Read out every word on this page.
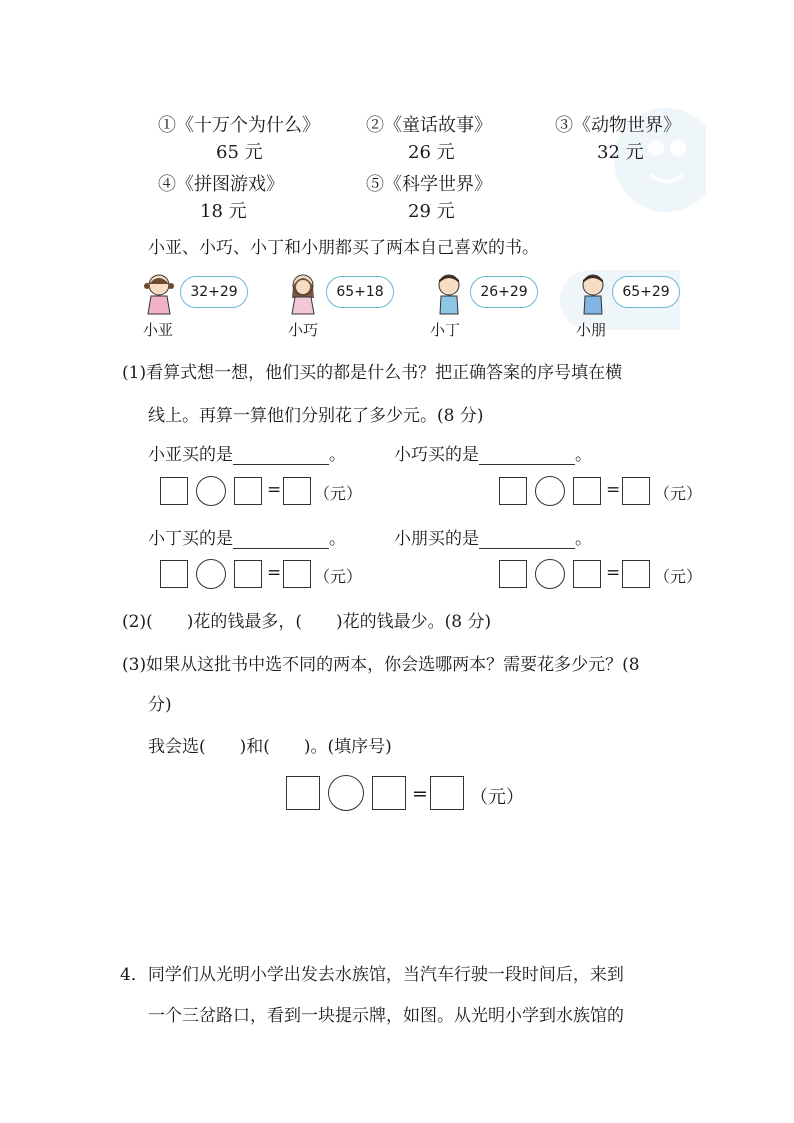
①《十万个为什么》
65 元
②《童话故事》
26 元
③《动物世界》
32 元
④《拼图游戏》
18 元
⑤《科学世界》
29 元
小亚、小巧、小丁和小朋都买了两本自己喜欢的书。
32+29
小亚
65+18
小巧
26+29
小丁
65+29
小朋
(1)看算式想一想，他们买的都是什么书？把正确答案的序号填在横
线上。再算一算他们分别花了多少元。(8 分)
小亚买的是	。	小巧买的是	。
= （元）	= （元）
小丁买的是	。	小朋买的是	。
= （元）	= （元）
(2)( )花的钱最多，( )花的钱最少。(8 分)
(3)如果从这批书中选不同的两本，你会选哪两本？需要花多少元？(8
分)
我会选( )和( )。(填序号)
= （元）
4．同学们从光明小学出发去水族馆，当汽车行驶一段时间后，来到
一个三岔路口，看到一块提示牌，如图。从光明小学到水族馆的
